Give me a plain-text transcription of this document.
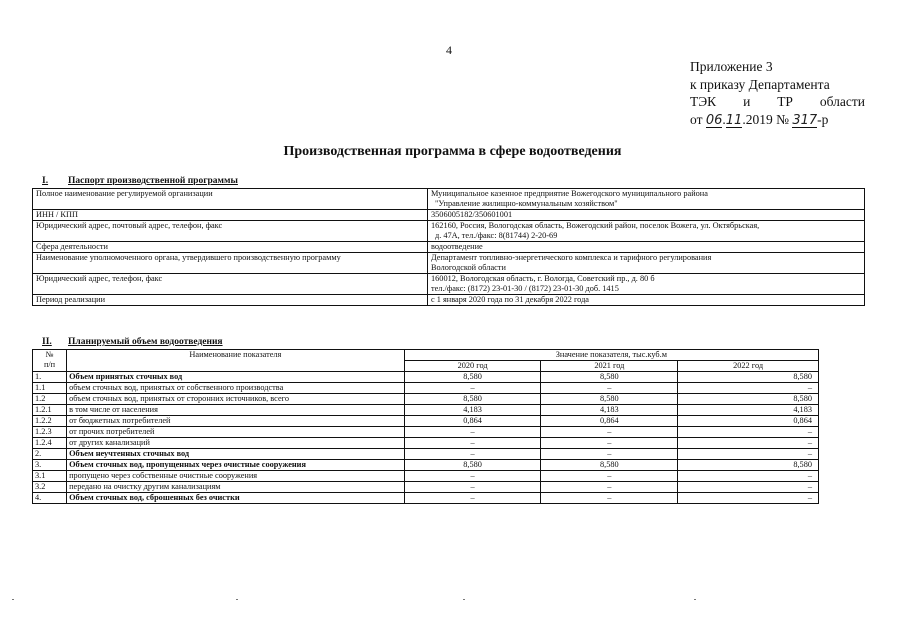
4
Приложение 3
к приказу Департамента
ТЭК и ТР области
от 06.11.2019 № 317-р
Производственная программа в сфере водоотведения
I. Паспорт производственной программы
Полное наименование регулируемой организации	Муниципальное казенное предприятие Вожегодского муниципального района
"Управление жилищно-коммунальным хозяйством"

ИНН / КПП	3506005182/350601001

Юридический адрес, почтовый адрес, телефон, факс	162160, Россия, Вологодская область, Вожегодский район, поселок Вожега, ул. Октябрьская,
д. 47А, тел./факс: 8(81744) 2-20-69

Сфера деятельности	водоотведение

Наименование уполномоченного органа, утвердившего производственную программу	Департамент топливно-энергетического комплекса и тарифного регулирования
Вологодской области

Юридический адрес, телефон, факс	160012, Вологодская область, г. Вологда, Советский пр., д. 80 б
тел./факс: (8172) 23-01-30 / (8172) 23-01-30 доб. 1415

Период реализации	с 1 января 2020 года по 31 декабря 2022 года
II. Планируемый объем водоотведения
№
п/п	Наименование показателя	Значение показателя, тыс.куб.м		
		2020 год	2021 год	2022 год
1.	Объем принятых сточных вод	8,580	8,580	8,580
1.1	объем сточных вод, принятых от собственного производства	–	–	–
1.2	объем сточных вод, принятых от сторонних источников, всего	8,580	8,580	8,580
1.2.1	в том числе от населения	4,183	4,183	4,183
1.2.2	от бюджетных потребителей	0,864	0,864	0,864
1.2.3	от прочих потребителей	–	–	–
1.2.4	от других канализаций	–	–	–
2.	Объем неучтенных сточных вод	–	–	–
3.	Объем сточных вод, пропущенных через очистные сооружения	8,580	8,580	8,580
3.1	пропущено через собственные очистные сооружения	–	–	–
3.2	передано на очистку другим канализациям	–	–	–
4.	Объем сточных вод, сброшенных без очистки	–	–	–
